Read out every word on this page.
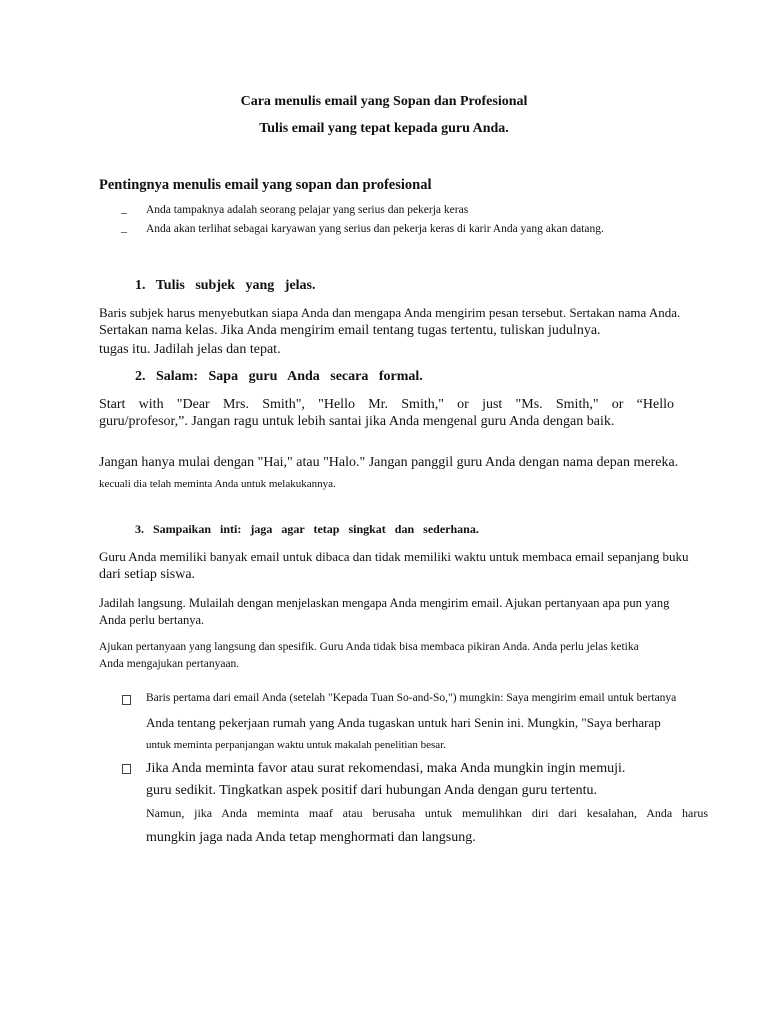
Cara menulis email yang Sopan dan Profesional
Tulis email yang tepat kepada guru Anda.
Pentingnya menulis email yang sopan dan profesional
– Anda tampaknya adalah seorang pelajar yang serius dan pekerja keras
– Anda akan terlihat sebagai karyawan yang serius dan pekerja keras di karir Anda yang akan datang.
1.   Tulis   subjek   yang   jelas.
Baris subjek harus menyebutkan siapa Anda dan mengapa Anda mengirim pesan tersebut. Sertakan nama Anda.
Sertakan nama kelas. Jika Anda mengirim email tentang tugas tertentu, tuliskan judulnya.
tugas itu. Jadilah jelas dan tepat.
2.   Salam:   Sapa   guru   Anda   secara   formal.
Start with "Dear Mrs. Smith", "Hello Mr. Smith," or just "Ms. Smith," or “Hello
guru/profesor,”. Jangan ragu untuk lebih santai jika Anda mengenal guru Anda dengan baik.
Jangan hanya mulai dengan "Hai," atau "Halo." Jangan panggil guru Anda dengan nama depan mereka.
kecuali dia telah meminta Anda untuk melakukannya.
3.   Sampaikan   inti:   jaga   agar   tetap   singkat   dan   sederhana.
Guru Anda memiliki banyak email untuk dibaca dan tidak memiliki waktu untuk membaca email sepanjang buku
dari setiap siswa.
Jadilah langsung. Mulailah dengan menjelaskan mengapa Anda mengirim email. Ajukan pertanyaan apa pun yang
Anda perlu bertanya.
Ajukan pertanyaan yang langsung dan spesifik. Guru Anda tidak bisa membaca pikiran Anda. Anda perlu jelas ketika
Anda mengajukan pertanyaan.
Baris pertama dari email Anda (setelah "Kepada Tuan So-and-So,") mungkin: Saya mengirim email untuk bertanya
Anda tentang pekerjaan rumah yang Anda tugaskan untuk hari Senin ini. Mungkin, "Saya berharap
untuk meminta perpanjangan waktu untuk makalah penelitian besar.
Jika Anda meminta favor atau surat rekomendasi, maka Anda mungkin ingin memuji.
guru sedikit. Tingkatkan aspek positif dari hubungan Anda dengan guru tertentu.
Namun, jika Anda meminta maaf atau berusaha untuk memulihkan diri dari kesalahan, Anda harus
mungkin jaga nada Anda tetap menghormati dan langsung.
